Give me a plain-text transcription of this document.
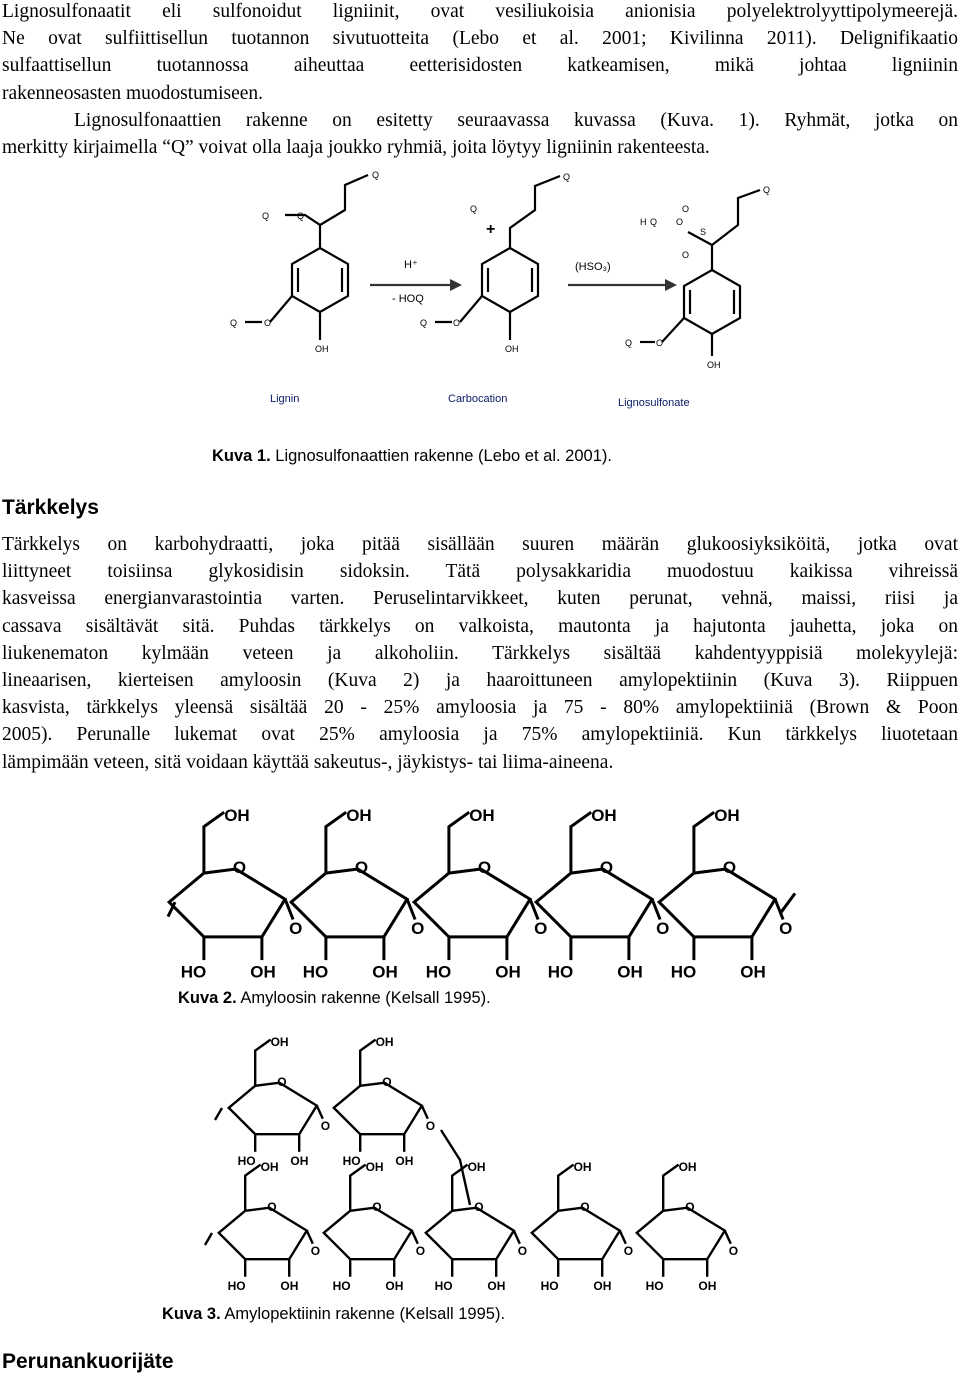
Lignosulfonaatit eli sulfonoidut ligniinit, ovat vesiliukoisia anionisia polyelektrolyyttipolymeerejä.
Ne ovat sulfiittisellun tuotannon sivutuotteita (Lebo et al. 2001; Kivilinna 2011). Delignifikaatio
sulfaattisellun tuotannossa aiheuttaa eetterisidosten katkeamisen, mikä johtaa ligniinin
rakenneosasten muodostumiseen.
Lignosulfonaattien rakenne on esitetty seuraavassa kuvassa (Kuva. 1). Ryhmät, jotka on
merkitty kirjaimella “Q” voivat olla laaja joukko ryhmiä, joita löytyy ligniinin rakenteesta.
Q
Q	Q
Q	O
OH
Q
Q
Q	O
OH
Q
Q
Q	O
OH
H	O
O
O
S
+
H⁺
- HOQ
(HSO₃)
Lignin	Carbocation	Lignosulfonate
Kuva 1. Lignosulfonaattien rakenne (Lebo et al. 2001).
Tärkkelys
Tärkkelys on karbohydraatti, joka pitää sisällään suuren määrän glukoosiyksiköitä, jotka ovat
liittyneet toisiinsa glykosidisin sidoksin. Tätä polysakkaridia muodostuu kaikissa vihreissä
kasveissa energianvarastointia varten. Peruselintarvikkeet, kuten perunat, vehnä, maissi, riisi ja
cassava sisältävät sitä. Puhdas tärkkelys on valkoista, mautonta ja hajutonta jauhetta, joka on
liukenematon kylmään veteen ja alkoholiin. Tärkkelys sisältää kahdentyyppisiä molekyylejä:
lineaarisen, kierteisen amyloosin (Kuva 2) ja haaroittuneen amylopektiinin (Kuva 3). Riippuen
kasvista, tärkkelys yleensä sisältää 20 - 25% amyloosia ja 75 - 80% amylopektiiniä (Brown & Poon
2005). Perunalle lukemat ovat 25% amyloosia ja 75% amylopektiiniä. Kun tärkkelys liuotetaan
lämpimään veteen, sitä voidaan käyttää sakeutus-, jäykistys- tai liima-aineena.
OH
O
HO	OH
O
OH
O
HO	OH
O
OH
O
HO	OH
O
OH
O
HO	OH
O
OH
O
HO	OH
O
Kuva 2. Amyloosin rakenne (Kelsall 1995).
OH
O
HO	OH
O
OH
O
HO	OH
O
OH
O
HO	OH
O
OH
O
HO	OH
O
OH
O
HO	OH
O
OH
O
HO	OH
O
OH
O
HO	OH
O
Kuva 3. Amylopektiinin rakenne (Kelsall 1995).
Perunankuorijäte
